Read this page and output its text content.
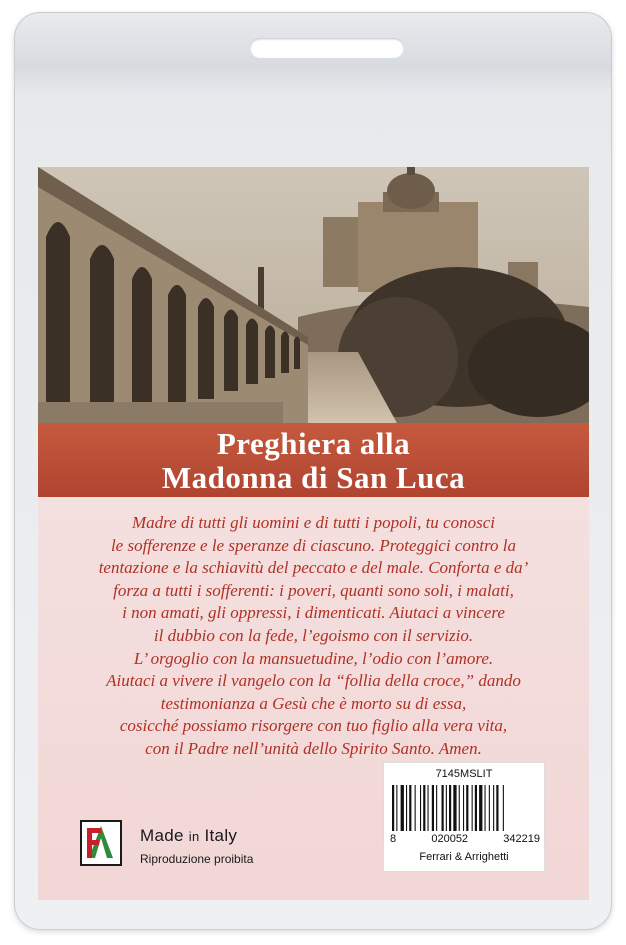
Preghiera alla
Madonna di San Luca
Madre di tutti gli uomini e di tutti i popoli, tu conosci
le sofferenze e le speranze di ciascuno. Proteggici contro la
tentazione e la schiavitù del peccato e del male. Conforta e da’
forza a tutti i sofferenti: i poveri, quanti sono soli, i malati,
i non amati, gli oppressi, i dimenticati. Aiutaci a vincere
il dubbio con la fede, l’egoismo con il servizio.
L’ orgoglio con la mansuetudine, l’odio con l’amore.
Aiutaci a vivere il vangelo con la “follia della croce,” dando
testimonianza a Gesù che è morto su di essa,
cosicché possiamo risorgere con tuo figlio alla vera vita,
con il Padre nell’unità dello Spirito Santo. Amen.
7145MSLIT
8	020052	342219
Ferrari & Arrighetti
Made in Italy
Riproduzione proibita
